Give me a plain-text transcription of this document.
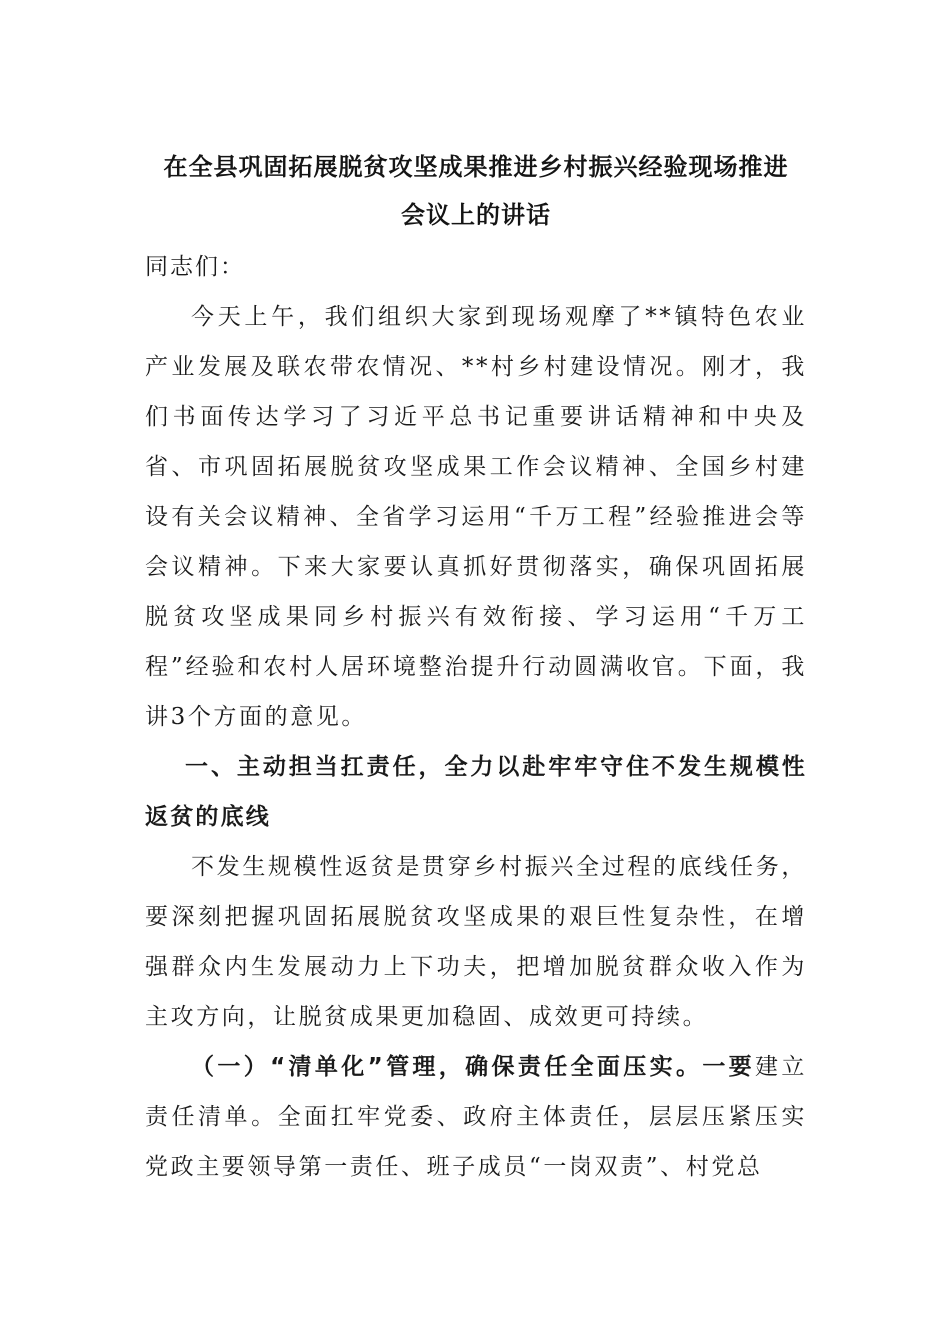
在全县巩固拓展脱贫攻坚成果推进乡村振兴经验现场推进
会议上的讲话
同志们：

今天上午，我们组织大家到现场观摩了**镇特色农业产业发展及联农带农情况、**村乡村建设情况。刚才，我们书面传达学习了习近平总书记重要讲话精神和中央及省、市巩固拓展脱贫攻坚成果工作会议精神、全国乡村建设有关会议精神、全省学习运用“千万工程”经验推进会等会议精神。下来大家要认真抓好贯彻落实，确保巩固拓展脱贫攻坚成果同乡村振兴有效衔接、学习运用“千万工程”经验和农村人居环境整治提升行动圆满收官。下面，我讲3个方面的意见。

一、主动担当扛责任，全力以赴牢牢守住不发生规模性返贫的底线

不发生规模性返贫是贯穿乡村振兴全过程的底线任务，要深刻把握巩固拓展脱贫攻坚成果的艰巨性复杂性，在增强群众内生发展动力上下功夫，把增加脱贫群众收入作为主攻方向，让脱贫成果更加稳固、成效更可持续。

（一）“清单化”管理，确保责任全面压实。一要建立责任清单。全面扛牢党委、政府主体责任，层层压紧压实党政主要领导第一责任、班子成员“一岗双责”、村党总
